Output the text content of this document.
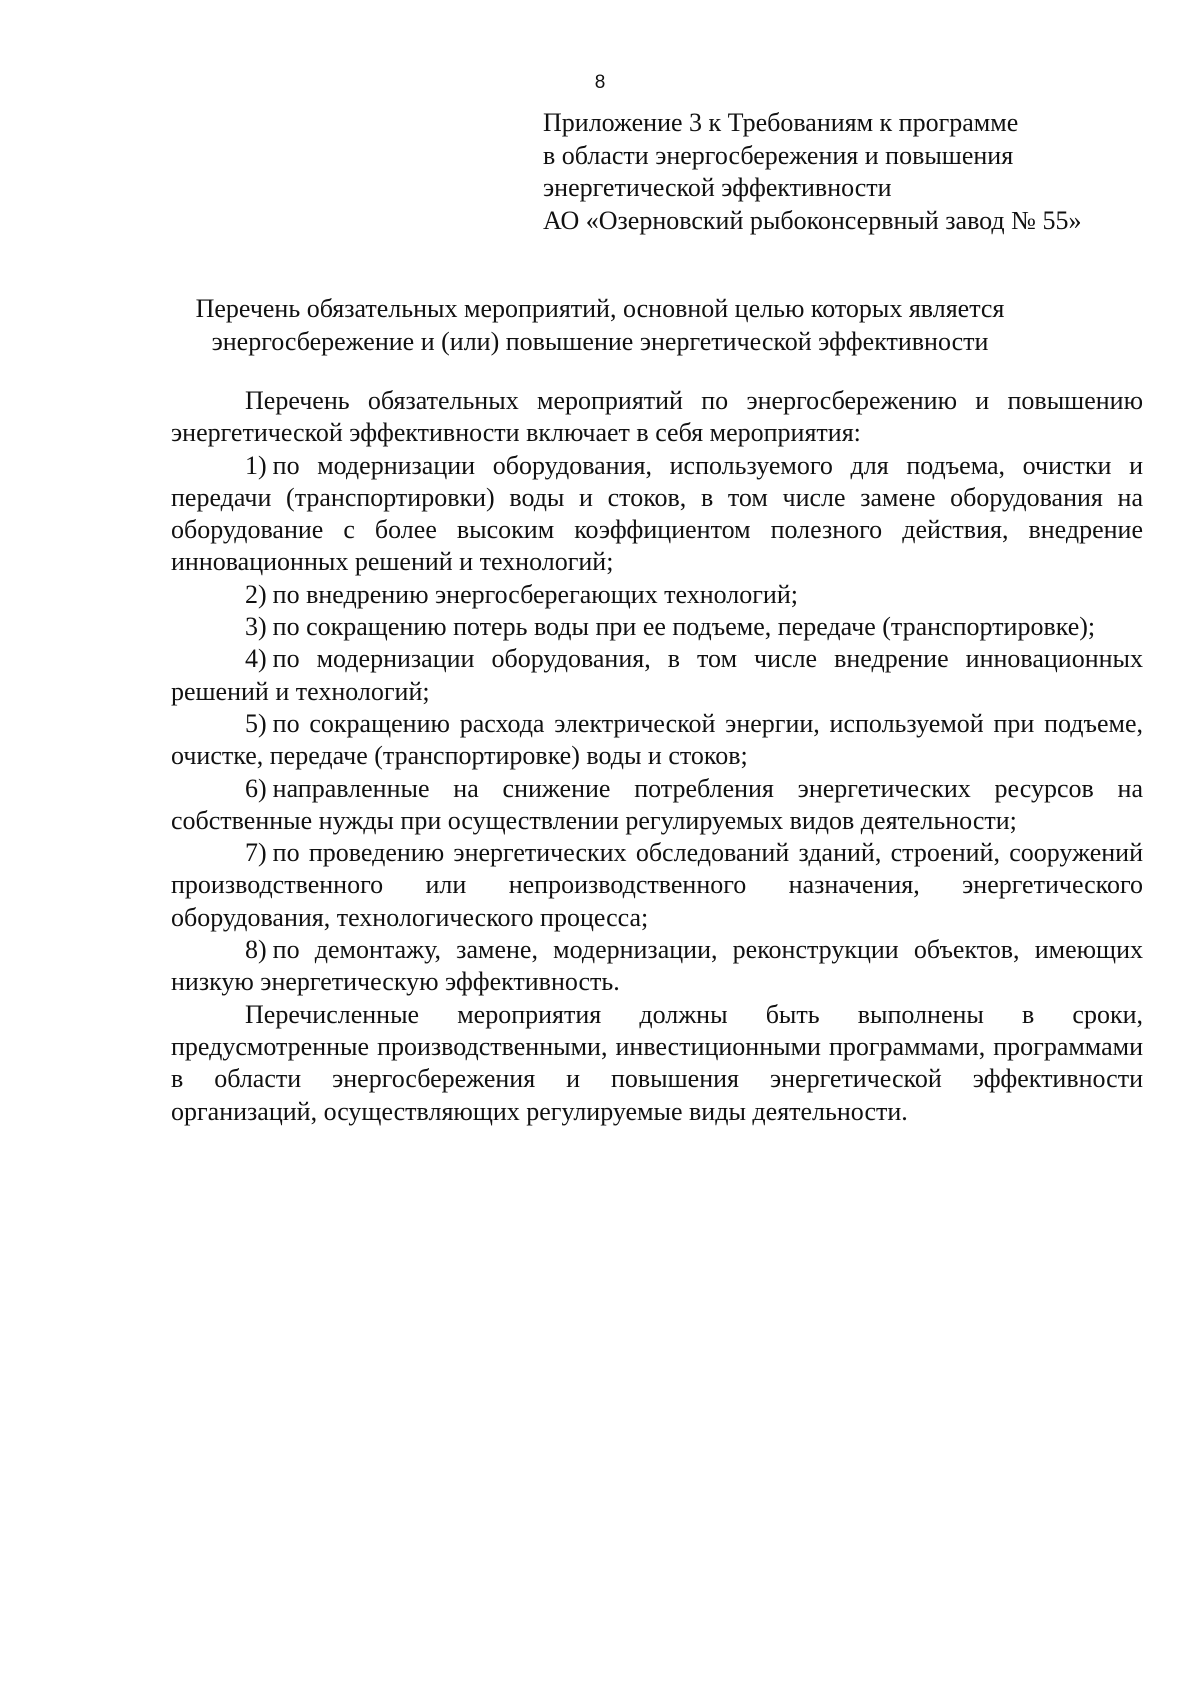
8
Приложение 3 к Требованиям к программе
в области энергосбережения и повышения
энергетической эффективности
АО «Озерновский рыбоконсервный завод № 55»
Перечень обязательных мероприятий, основной целью которых является
энергосбережение и (или) повышение энергетической эффективности

Перечень обязательных мероприятий по энергосбережению и повышению энергетической эффективности включает в себя мероприятия:

1) по модернизации оборудования, используемого для подъема, очистки и передачи (транспортировки) воды и стоков, в том числе замене оборудования на оборудование с более высоким коэффициентом полезного действия, внедрение инновационных решений и технологий;

2) по внедрению энергосберегающих технологий;

3) по сокращению потерь воды при ее подъеме, передаче (транспортировке);

4) по модернизации оборудования, в том числе внедрение инновационных решений и технологий;

5) по сокращению расхода электрической энергии, используемой при подъеме, очистке, передаче (транспортировке) воды и стоков;

6) направленные на снижение потребления энергетических ресурсов на собственные нужды при осуществлении регулируемых видов деятельности;

7) по проведению энергетических обследований зданий, строений, сооружений производственного или непроизводственного назначения, энергетического оборудования, технологического процесса;

8) по демонтажу, замене, модернизации, реконструкции объектов, имеющих низкую энергетическую эффективность.

Перечисленные мероприятия должны быть выполнены в сроки, предусмотренные производственными, инвестиционными программами, программами в области энергосбережения и повышения энергетической эффективности организаций, осуществляющих регулируемые виды деятельности.
